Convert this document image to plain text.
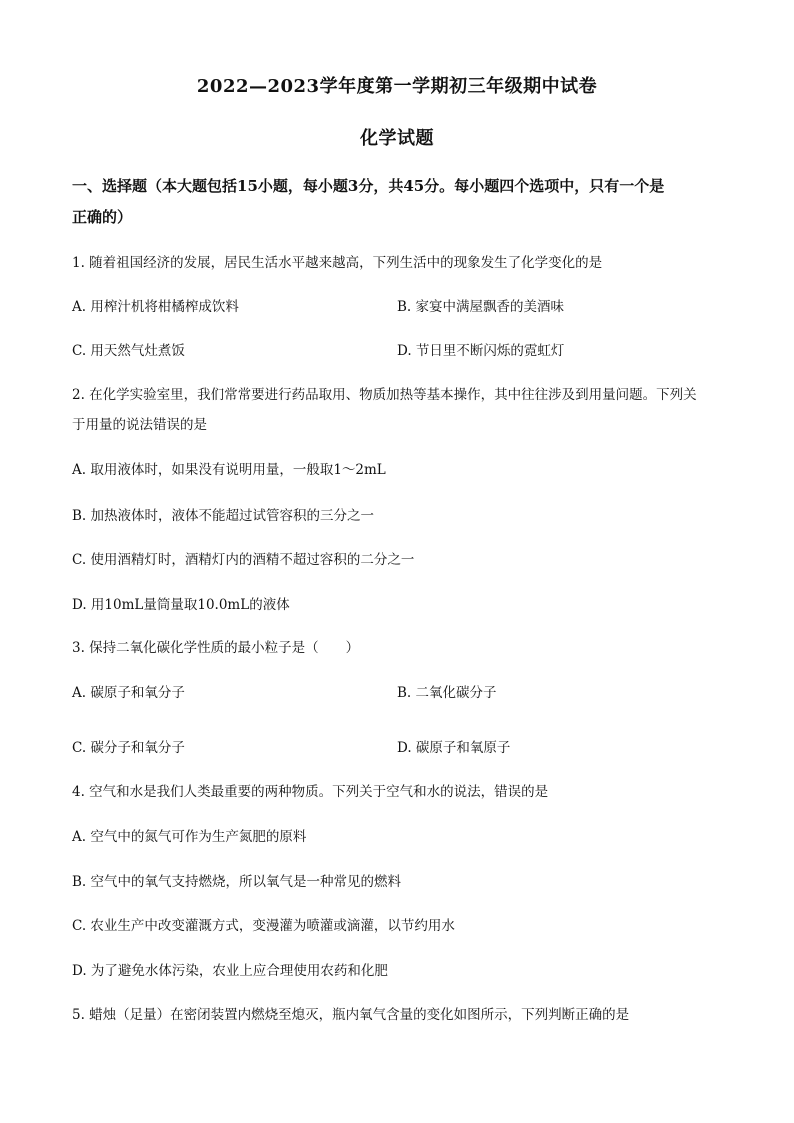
2022—2023学年度第一学期初三年级期中试卷
化学试题
一、选择题（本大题包括15小题，每小题3分，共45分。每小题四个选项中，只有一个是
正确的）
1. 随着祖国经济的发展，居民生活水平越来越高，下列生活中的现象发生了化学变化的是
A. 用榨汁机将柑橘榨成饮料	B. 家宴中满屋飘香的美酒味
C. 用天然气灶煮饭	D. 节日里不断闪烁的霓虹灯
2. 在化学实验室里，我们常常要进行药品取用、物质加热等基本操作，其中往往涉及到用量问题。下列关
于用量的说法错误的是
A. 取用液体时，如果没有说明用量，一般取1～2mL
B. 加热液体时，液体不能超过试管容积的三分之一
C. 使用酒精灯时，酒精灯内的酒精不超过容积的二分之一
D. 用10mL量筒量取10.0mL的液体
3. 保持二氧化碳化学性质的最小粒子是（　　）
A. 碳原子和氧分子	B. 二氧化碳分子
C. 碳分子和氧分子	D. 碳原子和氧原子
4. 空气和水是我们人类最重要的两种物质。下列关于空气和水的说法，错误的是
A. 空气中的氮气可作为生产氮肥的原料
B. 空气中的氧气支持燃烧，所以氧气是一种常见的燃料
C. 农业生产中改变灌溉方式，变漫灌为喷灌或滴灌，以节约用水
D. 为了避免水体污染，农业上应合理使用农药和化肥
5. 蜡烛（足量）在密闭装置内燃烧至熄灭，瓶内氧气含量的变化如图所示，下列判断正确的是
